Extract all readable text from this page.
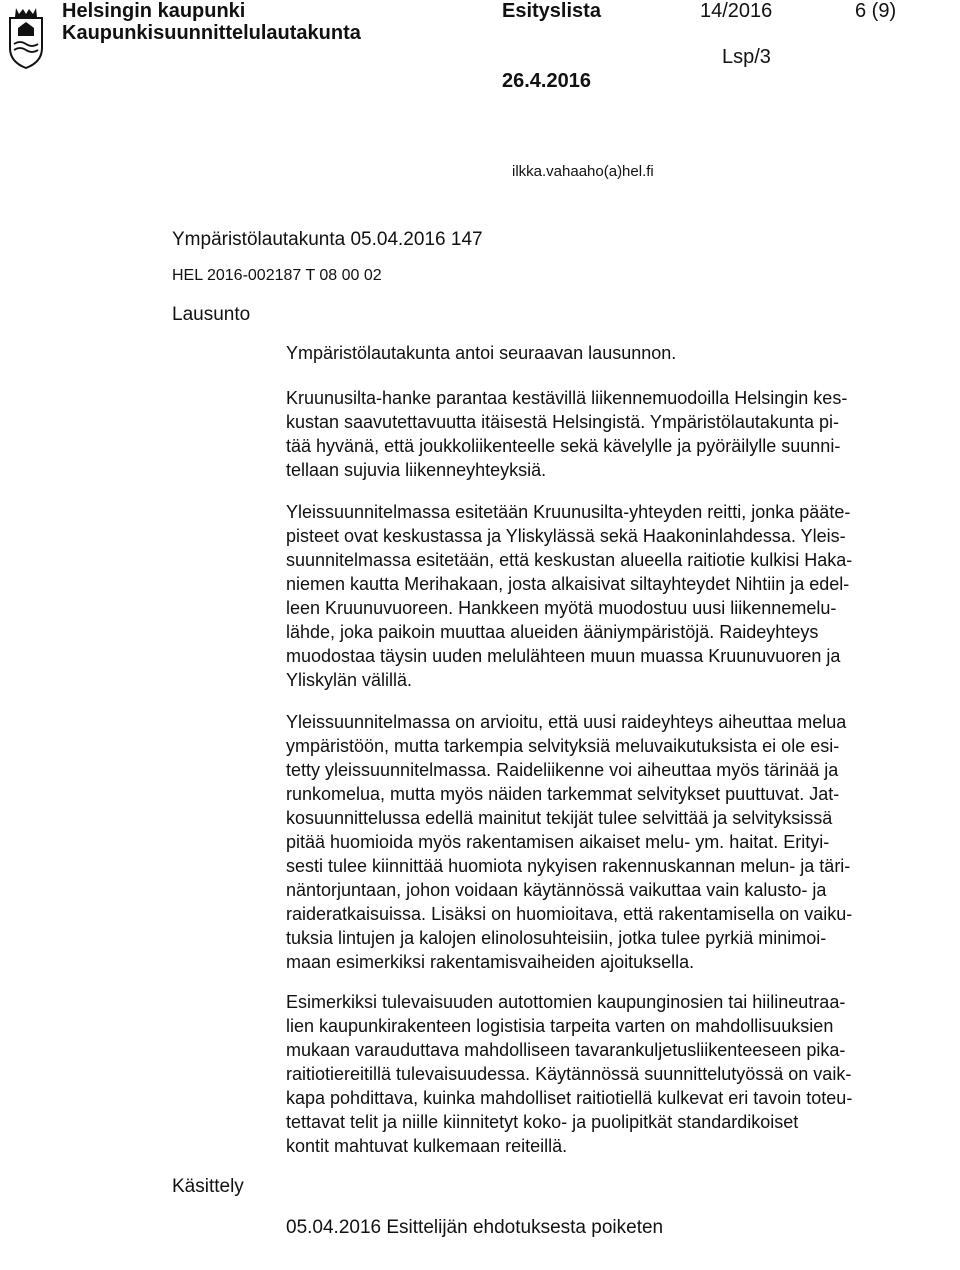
Helsingin kaupunki
Kaupunkisuunnittelulautakunta
Esityslista	14/2016	6 (9)
Lsp/3
26.4.2016
ilkka.vahaaho(a)hel.fi
Ympäristölautakunta 05.04.2016 147
HEL 2016-002187 T 08 00 02
Lausunto
Ympäristölautakunta antoi seuraavan lausunnon.
Kruunusilta-hanke parantaa kestävillä liikennemuodoilla Helsingin kes-
kustan saavutettavuutta itäisestä Helsingistä. Ympäristölautakunta pi-
tää hyvänä, että joukkoliikenteelle sekä kävelylle ja pyöräilylle suunni-
tellaan sujuvia liikenneyhteyksiä.
Yleissuunnitelmassa esitetään Kruunusilta-yhteyden reitti, jonka pääte-
pisteet ovat keskustassa ja Yliskylässä sekä Haakoninlahdessa. Yleis-
suunnitelmassa esitetään, että keskustan alueella raitiotie kulkisi Haka-
niemen kautta Merihakaan, josta alkaisivat siltayhteydet Nihtiin ja edel-
leen Kruunuvuoreen. Hankkeen myötä muodostuu uusi liikennemelu-
lähde, joka paikoin muuttaa alueiden ääniympäristöjä. Raideyhteys
muodostaa täysin uuden melulähteen muun muassa Kruunuvuoren ja
Yliskylän välillä.
Yleissuunnitelmassa on arvioitu, että uusi raideyhteys aiheuttaa melua
ympäristöön, mutta tarkempia selvityksiä meluvaikutuksista ei ole esi-
tetty yleissuunnitelmassa. Raideliikenne voi aiheuttaa myös tärinää ja
runkomelua, mutta myös näiden tarkemmat selvitykset puuttuvat. Jat-
kosuunnittelussa edellä mainitut tekijät tulee selvittää ja selvityksissä
pitää huomioida myös rakentamisen aikaiset melu- ym. haitat. Erityi-
sesti tulee kiinnittää huomiota nykyisen rakennuskannan melun- ja täri-
näntorjuntaan, johon voidaan käytännössä vaikuttaa vain kalusto- ja
raideratkaisuissa. Lisäksi on huomioitava, että rakentamisella on vaiku-
tuksia lintujen ja kalojen elinolosuhteisiin, jotka tulee pyrkiä minimoi-
maan esimerkiksi rakentamisvaiheiden ajoituksella.
Esimerkiksi tulevaisuuden autottomien kaupunginosien tai hiilineutraa-
lien kaupunkirakenteen logistisia tarpeita varten on mahdollisuuksien
mukaan varauduttava mahdolliseen tavarankuljetusliikenteeseen pika-
raitiotiereitillä tulevaisuudessa. Käytännössä suunnittelutyössä on vaik-
kapa pohdittava, kuinka mahdolliset raitiotiellä kulkevat eri tavoin toteu-
tettavat telit ja niille kiinnitetyt koko- ja puolipitkät standardikoiset
kontit mahtuvat kulkemaan reiteillä.
Käsittely
05.04.2016 Esittelijän ehdotuksesta poiketen
